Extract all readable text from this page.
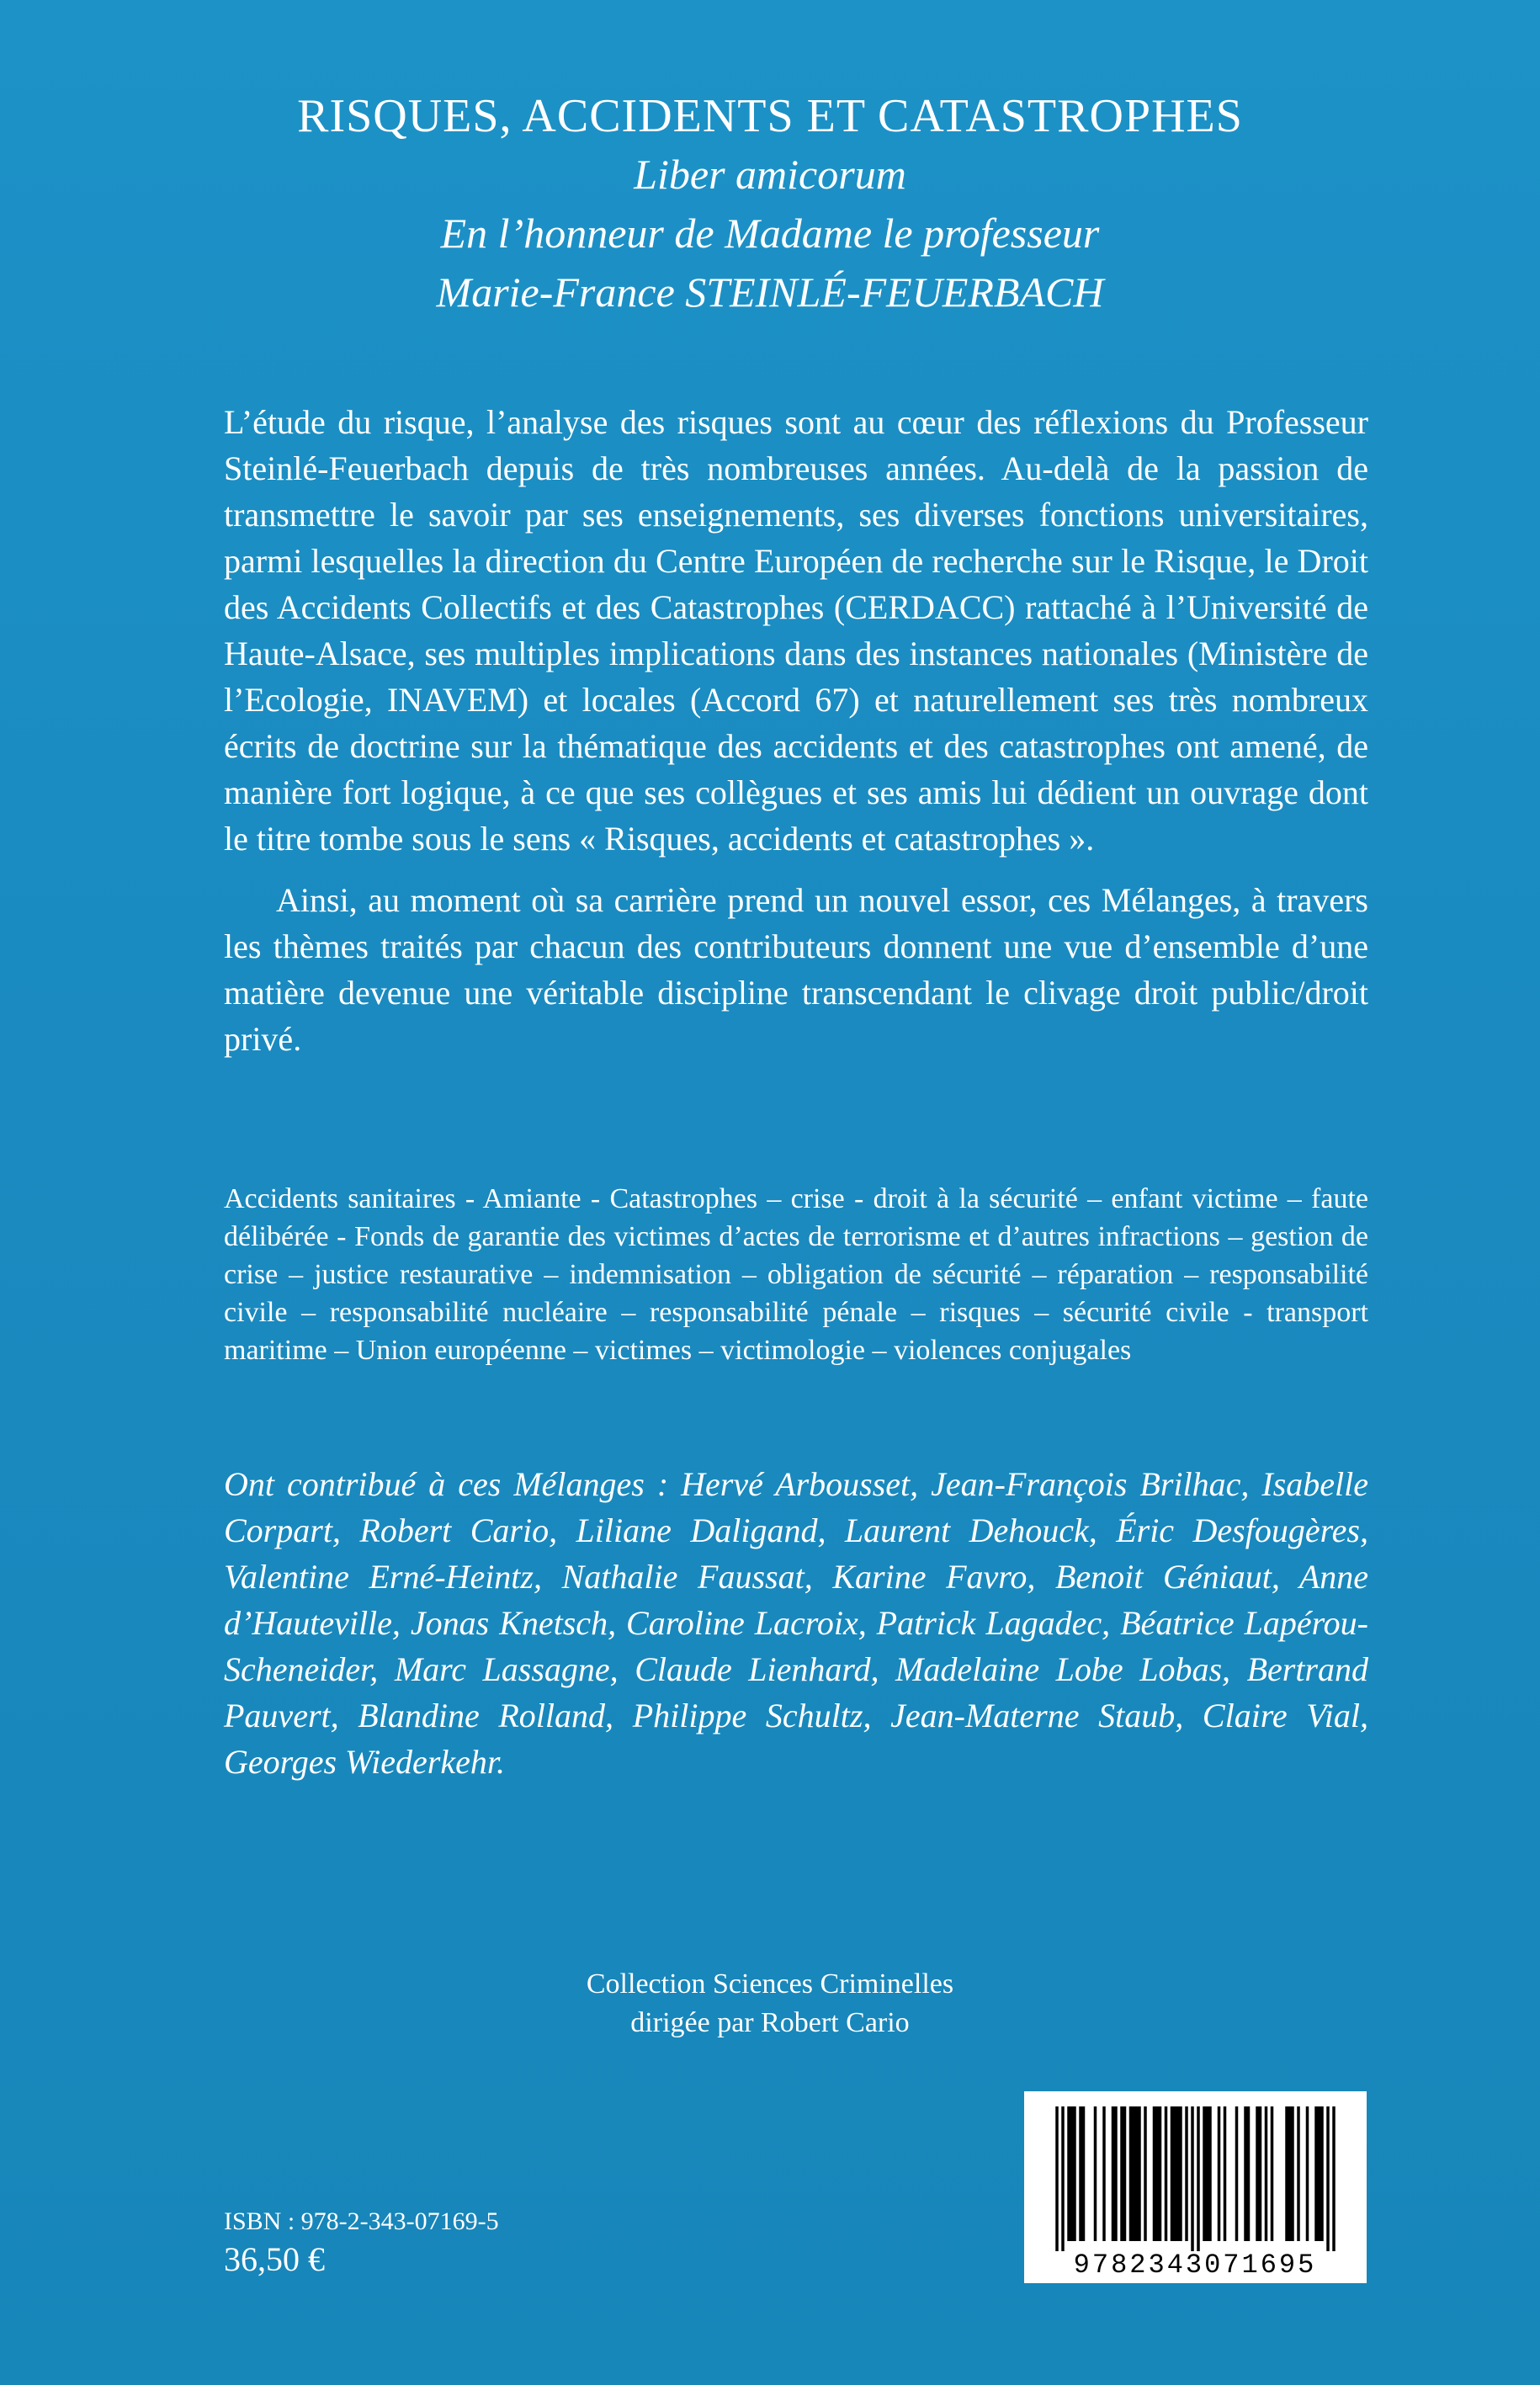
RISQUES, ACCIDENTS ET CATASTROPHES

Liber amicorum

En l’honneur de Madame le professeur

Marie-France STEINLÉ-FEUERBACH

L’étude du risque, l’analyse des risques sont au cœur des réflexions du Professeur Steinlé-Feuerbach depuis de très nombreuses années. Au-delà de la passion de transmettre le savoir par ses enseignements, ses diverses fonctions universitaires, parmi lesquelles la direction du Centre Européen de recherche sur le Risque, le Droit des Accidents Collectifs et des Catastrophes (CERDACC) rattaché à l’Université de Haute-Alsace, ses multiples implications dans des instances nationales (Ministère de l’Ecologie, INAVEM) et locales (Accord 67) et naturellement ses très nombreux écrits de doctrine sur la thématique des accidents et des catastrophes ont amené, de manière fort logique, à ce que ses collègues et ses amis lui dédient un ouvrage dont le titre tombe sous le sens « Risques, accidents et catastrophes ».

Ainsi, au moment où sa carrière prend un nouvel essor, ces Mélanges, à travers les thèmes traités par chacun des contributeurs donnent une vue d’ensemble d’une matière devenue une véritable discipline transcendant le clivage droit public/droit privé.

Accidents sanitaires - Amiante - Catastrophes – crise - droit à la sécurité – enfant victime – faute délibérée - Fonds de garantie des victimes d’actes de terrorisme et d’autres infractions – gestion de crise – justice restaurative – indemnisation – obligation de sécurité – réparation – responsabilité civile – responsabilité nucléaire – responsabilité pénale – risques – sécurité civile - transport maritime – Union européenne – victimes – victimologie – violences conjugales
Ont contribué à ces Mélanges : Hervé Arbousset, Jean-François Brilhac, Isabelle Corpart, Robert Cario, Liliane Daligand, Laurent Dehouck, Éric Desfougères, Valentine Erné-Heintz, Nathalie Faussat, Karine Favro, Benoit Géniaut, Anne d’Hauteville, Jonas Knetsch, Caroline Lacroix, Patrick Lagadec, Béatrice Lapérou-Scheneider, Marc Lassagne, Claude Lienhard, Madelaine Lobe Lobas, Bertrand Pauvert, Blandine Rolland, Philippe Schultz, Jean-Materne Staub, Claire Vial, Georges Wiederkehr.
Collection Sciences Criminelles
dirigée par Robert Cario
ISBN : 978-2-343-07169-5
36,50 €	9782343071695
